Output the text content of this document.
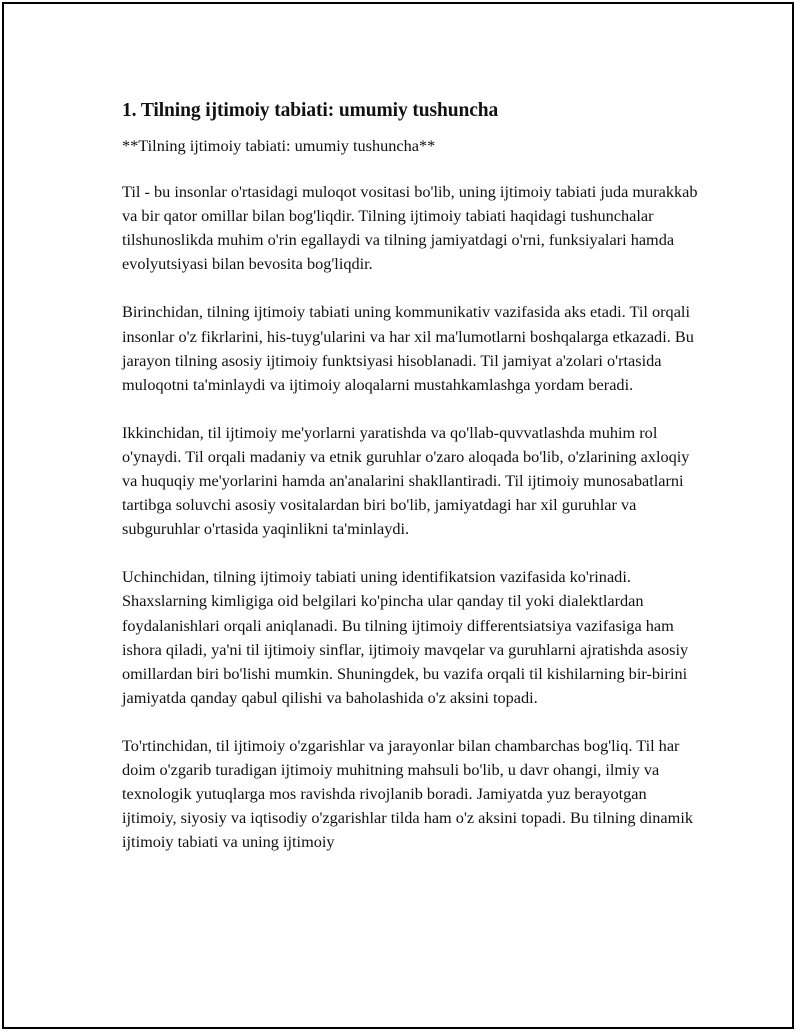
1. Tilning ijtimoiy tabiati: umumiy tushuncha

**Tilning ijtimoiy tabiati: umumiy tushuncha**

Til - bu insonlar o'rtasidagi muloqot vositasi bo'lib, uning ijtimoiy tabiati juda murakkab va bir qator omillar bilan bog'liqdir. Tilning ijtimoiy tabiati haqidagi tushunchalar tilshunoslikda muhim o'rin egallaydi va tilning jamiyatdagi o'rni, funksiyalari hamda evolyutsiyasi bilan bevosita bog'liqdir.

Birinchidan, tilning ijtimoiy tabiati uning kommunikativ vazifasida aks etadi. Til orqali insonlar o'z fikrlarini, his-tuyg'ularini va har xil ma'lumotlarni boshqalarga etkazadi. Bu jarayon tilning asosiy ijtimoiy funktsiyasi hisoblanadi. Til jamiyat a'zolari o'rtasida muloqotni ta'minlaydi va ijtimoiy aloqalarni mustahkamlashga yordam beradi.

Ikkinchidan, til ijtimoiy me'yorlarni yaratishda va qo'llab-quvvatlashda muhim rol o'ynaydi. Til orqali madaniy va etnik guruhlar o'zaro aloqada bo'lib, o'zlarining axloqiy va huquqiy me'yorlarini hamda an'analarini shakllantiradi. Til ijtimoiy munosabatlarni tartibga soluvchi asosiy vositalardan biri bo'lib, jamiyatdagi har xil guruhlar va subguruhlar o'rtasida yaqinlikni ta'minlaydi.

Uchinchidan, tilning ijtimoiy tabiati uning identifikatsion vazifasida ko'rinadi. Shaxslarning kimligiga oid belgilari ko'pincha ular qanday til yoki dialektlardan foydalanishlari orqali aniqlanadi. Bu tilning ijtimoiy differentsiatsiya vazifasiga ham ishora qiladi, ya'ni til ijtimoiy sinflar, ijtimoiy mavqelar va guruhlarni ajratishda asosiy omillardan biri bo'lishi mumkin. Shuningdek, bu vazifa orqali til kishilarning bir-birini jamiyatda qanday qabul qilishi va baholashida o'z aksini topadi.

To'rtinchidan, til ijtimoiy o'zgarishlar va jarayonlar bilan chambarchas bog'liq. Til har doim o'zgarib turadigan ijtimoiy muhitning mahsuli bo'lib, u davr ohangi, ilmiy va texnologik yutuqlarga mos ravishda rivojlanib boradi. Jamiyatda yuz berayotgan ijtimoiy, siyosiy va iqtisodiy o'zgarishlar tilda ham o'z aksini topadi. Bu tilning dinamik ijtimoiy tabiati va uning ijtimoiy
